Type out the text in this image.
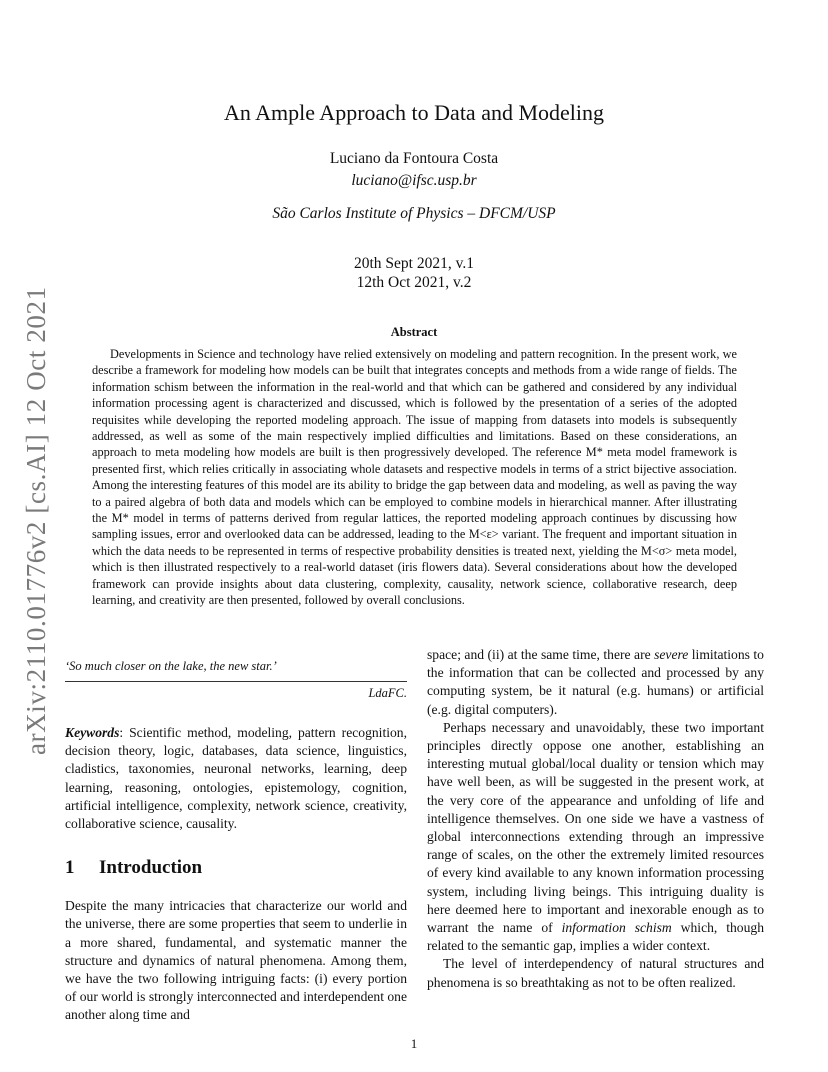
arXiv:2110.01776v2 [cs.AI] 12 Oct 2021
An Ample Approach to Data and Modeling
Luciano da Fontoura Costa
luciano@ifsc.usp.br
São Carlos Institute of Physics – DFCM/USP
20th Sept 2021, v.1
12th Oct 2021, v.2
Abstract
Developments in Science and technology have relied extensively on modeling and pattern recognition. In the present work, we describe a framework for modeling how models can be built that integrates concepts and methods from a wide range of fields. The information schism between the information in the real-world and that which can be gathered and considered by any individual information processing agent is characterized and discussed, which is followed by the presentation of a series of the adopted requisites while developing the reported modeling approach. The issue of mapping from datasets into models is subsequently addressed, as well as some of the main respectively implied difficulties and limitations. Based on these considerations, an approach to meta modeling how models are built is then progressively developed. The reference M* meta model framework is presented first, which relies critically in associating whole datasets and respective models in terms of a strict bijective association. Among the interesting features of this model are its ability to bridge the gap between data and modeling, as well as paving the way to a paired algebra of both data and models which can be employed to combine models in hierarchical manner. After illustrating the M* model in terms of patterns derived from regular lattices, the reported modeling approach continues by discussing how sampling issues, error and overlooked data can be addressed, leading to the M<ε> variant. The frequent and important situation in which the data needs to be represented in terms of respective probability densities is treated next, yielding the M<σ> meta model, which is then illustrated respectively to a real-world dataset (iris flowers data). Several considerations about how the developed framework can provide insights about data clustering, complexity, causality, network science, collaborative research, deep learning, and creativity are then presented, followed by overall conclusions.
‘So much closer on the lake, the new star.’
LdaFC.
Keywords: Scientific method, modeling, pattern recognition, decision theory, logic, databases, data science, linguistics, cladistics, taxonomies, neuronal networks, learning, deep learning, reasoning, ontologies, epistemology, cognition, artificial intelligence, complexity, network science, creativity, collaborative science, causality.
1 Introduction

Despite the many intricacies that characterize our world and the universe, there are some properties that seem to underlie in a more shared, fundamental, and systematic manner the structure and dynamics of natural phenomena. Among them, we have the two following intriguing facts: (i) every portion of our world is strongly interconnected and interdependent one another along time and

space; and (ii) at the same time, there are severe limitations to the information that can be collected and processed by any computing system, be it natural (e.g. humans) or artificial (e.g. digital computers).

Perhaps necessary and unavoidably, these two important principles directly oppose one another, establishing an interesting mutual global/local duality or tension which may have well been, as will be suggested in the present work, at the very core of the appearance and unfolding of life and intelligence themselves. On one side we have a vastness of global interconnections extending through an impressive range of scales, on the other the extremely limited resources of every kind available to any known information processing system, including living beings. This intriguing duality is here deemed here to important and inexorable enough as to warrant the name of information schism which, though related to the semantic gap, implies a wider context.

The level of interdependency of natural structures and phenomena is so breathtaking as not to be often realized.

1
